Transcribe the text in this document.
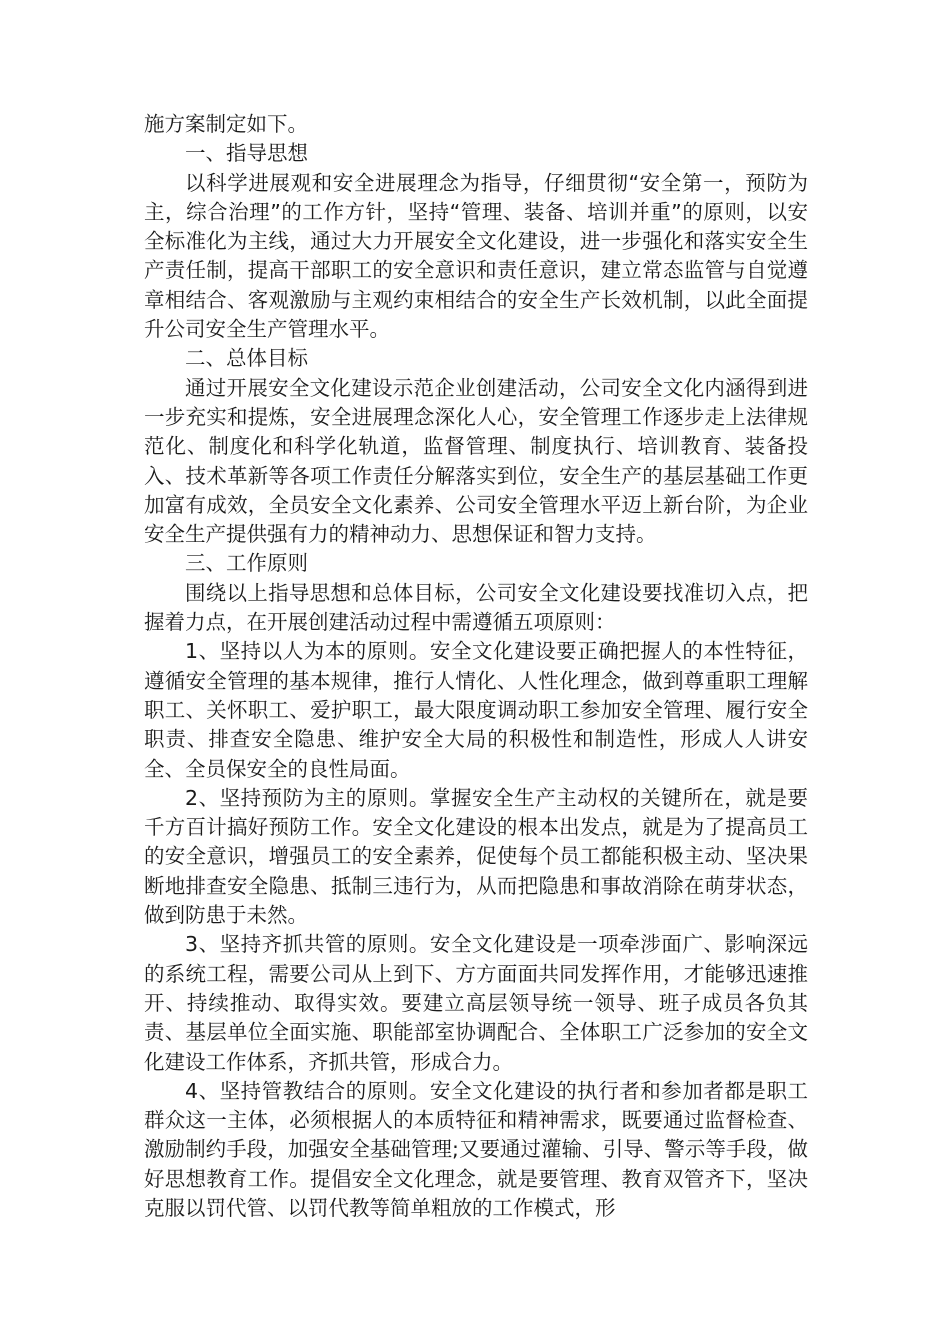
施方案制定如下。

一、指导思想

以科学进展观和安全进展理念为指导，仔细贯彻“安全第一，预防为主，综合治理”的工作方针，坚持“管理、装备、培训并重”的原则，以安全标准化为主线，通过大力开展安全文化建设，进一步强化和落实安全生产责任制，提高干部职工的安全意识和责任意识，建立常态监管与自觉遵章相结合、客观激励与主观约束相结合的安全生产长效机制，以此全面提升公司安全生产管理水平。

二、总体目标

通过开展安全文化建设示范企业创建活动，公司安全文化内涵得到进一步充实和提炼，安全进展理念深化人心，安全管理工作逐步走上法律规范化、制度化和科学化轨道，监督管理、制度执行、培训教育、装备投入、技术革新等各项工作责任分解落实到位，安全生产的基层基础工作更加富有成效，全员安全文化素养、公司安全管理水平迈上新台阶，为企业安全生产提供强有力的精神动力、思想保证和智力支持。

三、工作原则

围绕以上指导思想和总体目标，公司安全文化建设要找准切入点，把握着力点，在开展创建活动过程中需遵循五项原则：

1、坚持以人为本的原则。安全文化建设要正确把握人的本性特征，遵循安全管理的基本规律，推行人情化、人性化理念，做到尊重职工理解职工、关怀职工、爱护职工，最大限度调动职工参加安全管理、履行安全职责、排查安全隐患、维护安全大局的积极性和制造性，形成人人讲安全、全员保安全的良性局面。

2、坚持预防为主的原则。掌握安全生产主动权的关键所在，就是要千方百计搞好预防工作。安全文化建设的根本出发点，就是为了提高员工的安全意识，增强员工的安全素养，促使每个员工都能积极主动、坚决果断地排查安全隐患、抵制三违行为，从而把隐患和事故消除在萌芽状态，做到防患于未然。

3、坚持齐抓共管的原则。安全文化建设是一项牵涉面广、影响深远的系统工程，需要公司从上到下、方方面面共同发挥作用，才能够迅速推开、持续推动、取得实效。要建立高层领导统一领导、班子成员各负其责、基层单位全面实施、职能部室协调配合、全体职工广泛参加的安全文化建设工作体系，齐抓共管，形成合力。

4、坚持管教结合的原则。安全文化建设的执行者和参加者都是职工群众这一主体，必须根据人的本质特征和精神需求，既要通过监督检查、激励制约手段，加强安全基础管理;又要通过灌输、引导、警示等手段，做好思想教育工作。提倡安全文化理念，就是要管理、教育双管齐下，坚决克服以罚代管、以罚代教等简单粗放的工作模式，形
